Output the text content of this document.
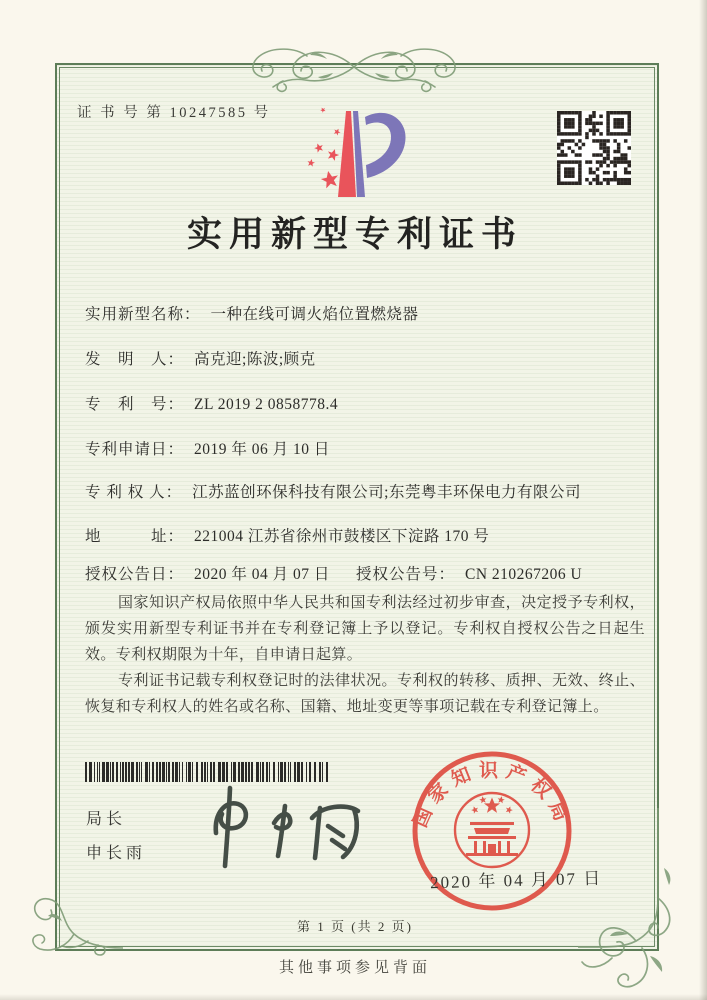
证 书 号 第 10247585 号
实用新型专利证书
实用新型名称： 一种在线可调火焰位置燃烧器
发　明　人： 高克迎;陈波;顾克
专　利　号： ZL 2019 2 0858778.4
专利申请日： 2019 年 06 月 10 日
专 利 权 人： 江苏蓝创环保科技有限公司;东莞粤丰环保电力有限公司
地　　　址： 221004 江苏省徐州市鼓楼区下淀路 170 号
授权公告日： 2020 年 04 月 07 日 授权公告号： CN 210267206 U

国家知识产权局依照中华人民共和国专利法经过初步审查，决定授予专利权，颁发实用新型专利证书并在专利登记簿上予以登记。专利权自授权公告之日起生效。专利权期限为十年，自申请日起算。

专利证书记载专利权登记时的法律状况。专利权的转移、质押、无效、终止、恢复和专利权人的姓名或名称、国籍、地址变更等事项记载在专利登记簿上。

局长
申长雨
国家知识产权局
2020 年 04 月 07 日
第 1 页 (共 2 页)
其他事项参见背面
